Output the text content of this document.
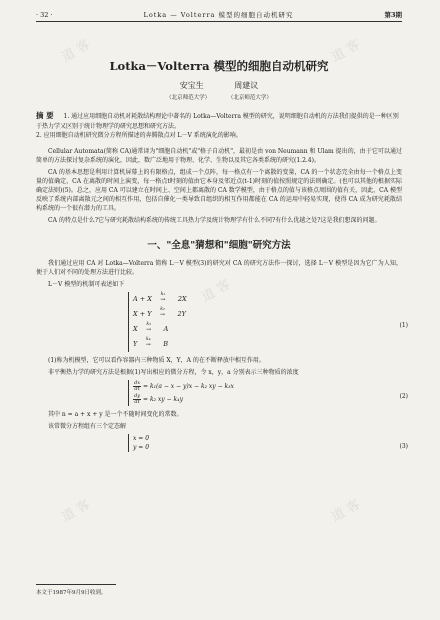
· 32 ·	Lotka — Volterra 模型的细胞自动机研究	第3期
Lotka－Volterra 模型的细胞自动机研究
安宝生	周建议
（北京师范大学）	（北京师范大学）
摘 要 1. 通过应用细胞自动机对耗散结构理论中著名的 Lotka—Volterra 模型的研究，说明细胞自动机的方法我们提供的是一种区别于热力学又区别于统计物理学的研究思想和研究方法。
2. 应用细胞自动机研究微分方程所描述的奔腾散点对 L－V 系统演化的影响。

Cellular Automata(简称 CA)通常译为"细胞自动机"或"格子自动机"，最初是由 von Neumann 和 Ulam 提出的，由于它可以通过简单的方法探讨复杂系统的演化，因此，数广泛地用于物理、化学、生物以及其它各类系统的研究(1.2.4)。

CA 的基本思想是利用计算机屏幕上的有限格点，组成一个点阵，每一格点有一个离散的变量，CA 的一个状态完全由每一个格点上变量的值确定，CA 在离散的时间上演变，每一格点t时刻的值由它本身及邻近点(t-1)时刻的值按照规定的法则确定。(也可以其他的根据实际确定法则)(5)。总之，应用 CA 可以建立在时间上、空间上都离散的 CA 数学模型，由于格点的值与该格点周围的值有关，因此，CA 模型反映了系统内部离散元之间的相互作用，包括自催化一类导致自组织的相互作用都能在 CA 的运用中轻易实现，使得 CA 成为研究耗散结构系统的一个很有潜力的工具。

CA 的特点是什么?它与研究耗散结构系统的传统工具热力学及统计物理学有什么不同?有什么优越之处?这是我们想深的问题。

一、"全息"猜想和"细胞"研究方法

我们通过应用 CA 对 Lotka—Volterra 简称 L－V 模型(3)的研究对 CA 的研究方法作一探讨，选择 L－V 模型是因为它广为人知，便于人们对不同的处理方法进行比较。

L－V 模型的机制可表述如下

A + X →
k₁
2X
X + Y →
k₂
2Y
X →
k₃
A
Y →
k₄
B
(1)

(1)称为机模型，它可以看作容器内三种物质 X，Y，A 的在不断释放中相互作用。

非平衡热力学的研究方法是根据(1)写出相应的微分方程，令 x，y，a 分别表示三种物质的浓度

$\frac{dx}{dt} = k_1(a - x - y)x - k_2$ xy − k₃x
$\frac{dy}{dt} = k_2$ xy − k₄y	(2)

其中 n = a + x + y 是一个不随时间变化的常数。

该常微分方程组有三个定态解

x = 0
y = 0	(3)
本文于1987年9月9日收到。
道 客	道 客
道 客
道 客	道 客
